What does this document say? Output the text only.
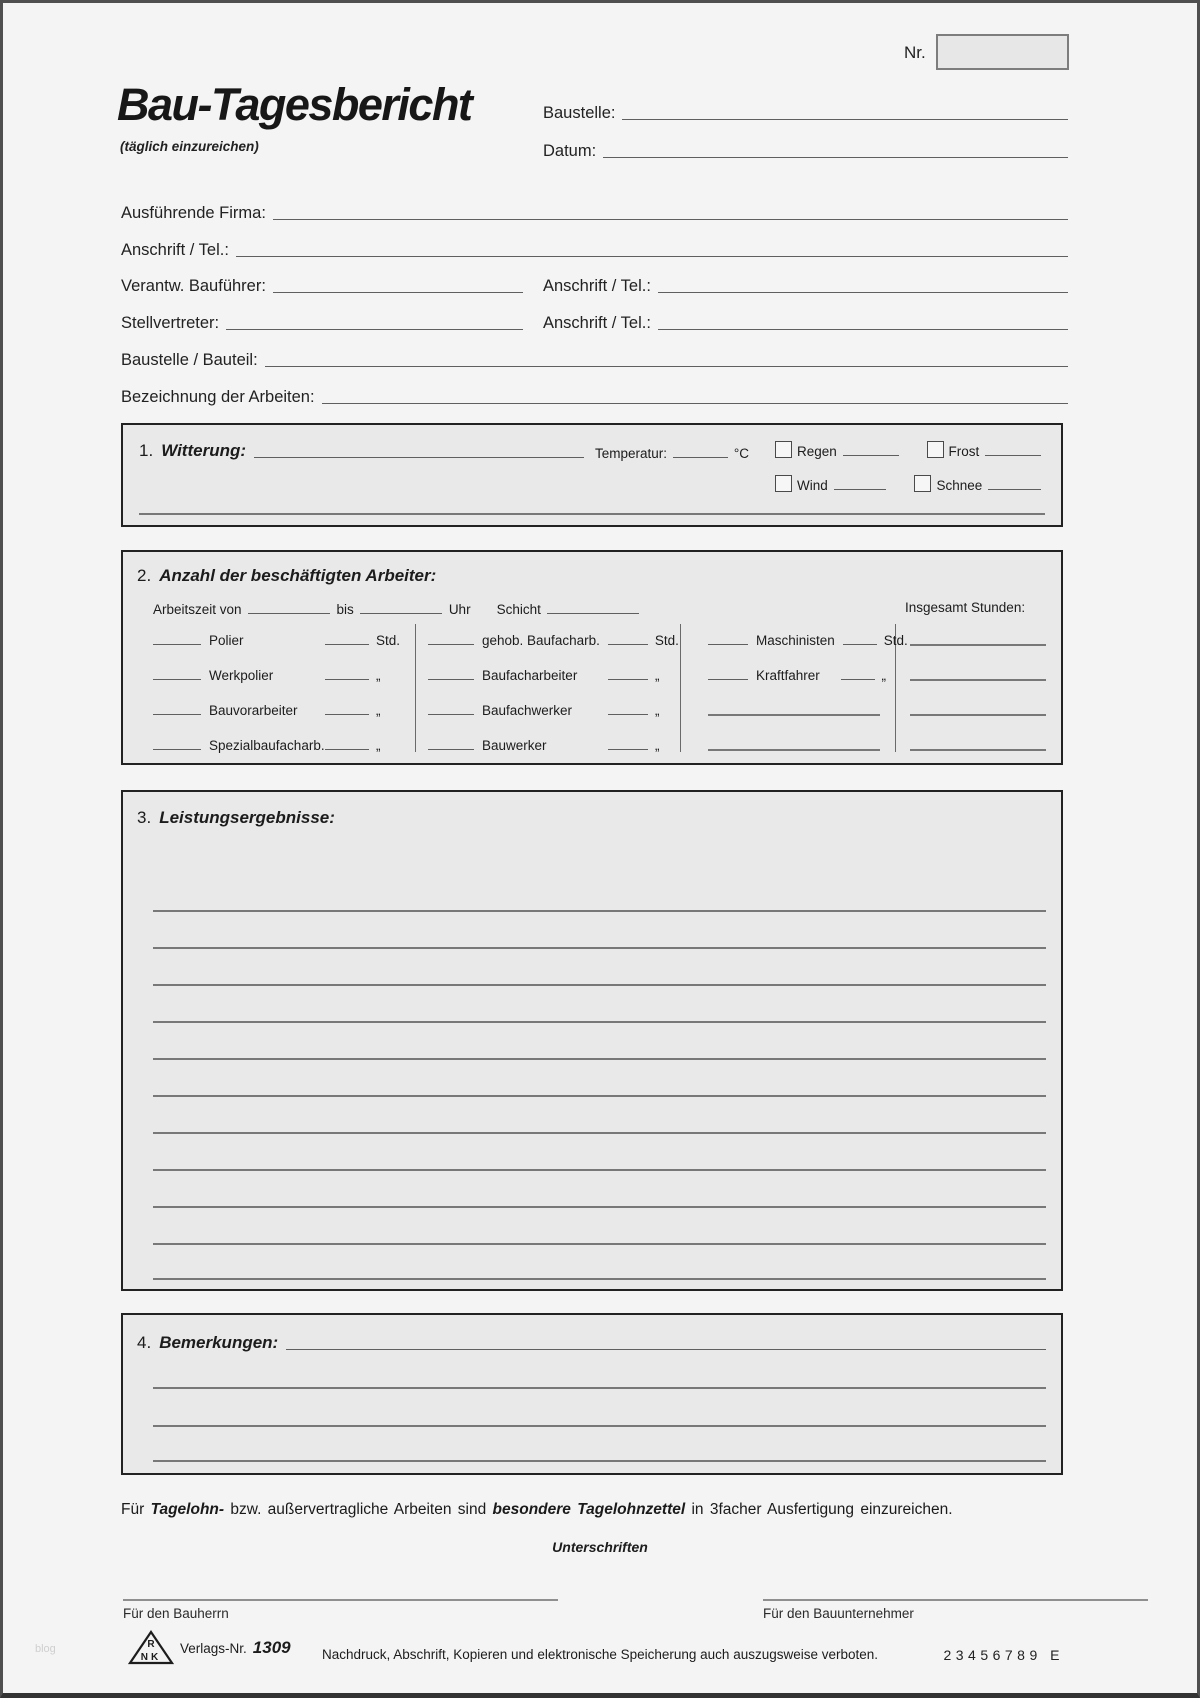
Nr.
Bau-Tagesbericht
(täglich einzureichen)
Baustelle:
Datum:
Ausführende Firma:
Anschrift / Tel.:
Verantw. Bauführer:	Anschrift / Tel.:
Stellvertreter:	Anschrift / Tel.:
Baustelle / Bauteil:
Bezeichnung der Arbeiten:
1. Witterung:	Temperatur:	°C	Regen	Frost
Wind	Schnee
2. Anzahl der beschäftigten Arbeiter:
Arbeitszeit von	bis	Uhr	Schicht	Insgesamt Stunden:
Polier	Std.	gehob. Baufacharb.	Std.	Maschinisten	Std.
Werkpolier	„	Baufacharbeiter	„	Kraftfahrer	„
Bauvorarbeiter	„	Baufachwerker	„
Spezialbaufacharb.	„	Bauwerker	„
3. Leistungsergebnisse:
4. Bemerkungen:
Für Tagelohn- bzw. außervertragliche Arbeiten sind besondere Tagelohnzettel in 3facher Ausfertigung einzureichen.
Unterschriften
Für den Bauherrn	Für den Bauunternehmer
R
NK
Verlags-Nr. 1309	Nachdruck, Abschrift, Kopieren und elektronische Speicherung auch auszugsweise verboten.	23456789 E
blog
